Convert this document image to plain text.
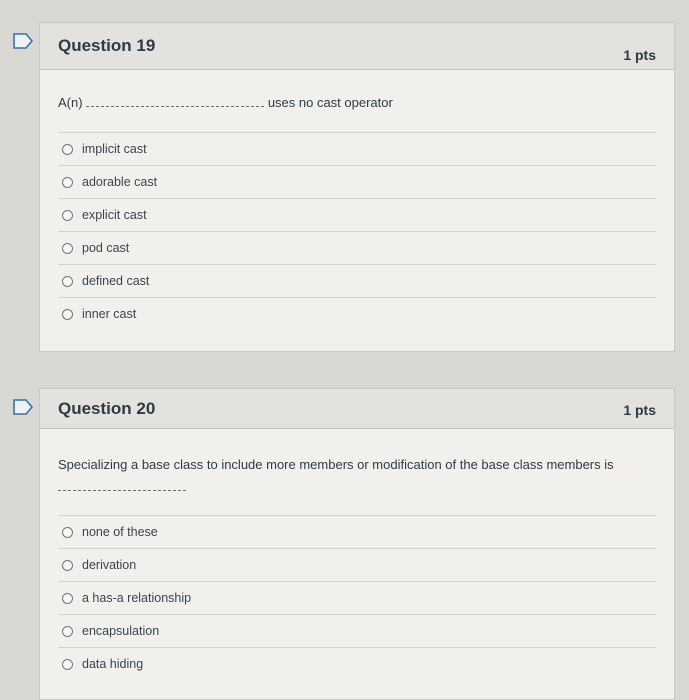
Question 19	1 pts
A(n)	uses no cast operator
implicit cast
adorable cast
explicit cast
pod cast
defined cast
inner cast
Question 20	1 pts
Specializing a base class to include more members or modification of the base class members is
none of these
derivation
a has-a relationship
encapsulation
data hiding
